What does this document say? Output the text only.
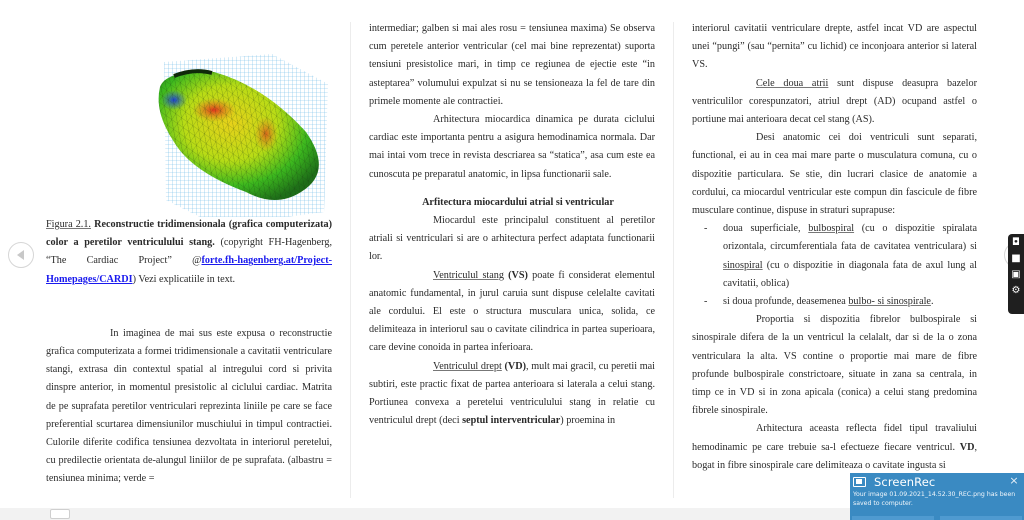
Figura 2.1. Reconstructie tridimensionala (grafica computerizata) color a peretilor ventriculului stang. (copyright FH-Hagenberg, “The Cardiac Project” @forte.fh-hagenberg.at/Project-Homepages/CARDI) Vezi explicatiile in text.

In imaginea de mai sus este expusa o reconstructie grafica computerizata a formei tridimensionale a cavitatii ventriculare stangi, extrasa din contextul spatial al intregului cord si privita dinspre anterior, in momentul presistolic al ciclului cardiac. Matrita de pe suprafata peretilor ventriculari reprezinta liniile pe care se face preferential scurtarea dimensiunilor muschiului in timpul contractiei. Culorile diferite codifica tensiunea dezvoltata in interiorul peretelui, cu predilectie orientata de-alungul liniilor de pe suprafata. (albastru = tensiunea minima; verde =

intermediar; galben si mai ales rosu = tensiunea maxima) Se observa cum peretele anterior ventricular (cel mai bine reprezentat) suporta tensiuni presistolice mari, in timp ce regiunea de ejectie este “in asteptarea” volumului expulzat si nu se tensioneaza la fel de tare din primele momente ale contractiei.

Arhitectura miocardica dinamica pe durata ciclului cardiac este importanta pentru a asigura hemodinamica normala. Dar mai intai vom trece in revista descriarea sa “statica”, asa cum este ea cunoscuta pe preparatul anatomic, in lipsa functionarii sale.

Arfitectura miocardului atrial si ventricular

Miocardul este principalul constituent al peretilor atriali si ventriculari si are o arhitectura perfect adaptata functionarii lor.

Ventriculul stang (VS) poate fi considerat elementul anatomic fundamental, in jurul caruia sunt dispuse celelalte cavitati ale cordului. El este o structura musculara unica, solida, ce delimiteaza in interiorul sau o cavitate cilindrica in partea superioara, care devine conoida in partea inferioara.

Ventriculul drept (VD), mult mai gracil, cu peretii mai subtiri, este practic fixat de partea anterioara si laterala a celui stang. Portiunea convexa a peretelui ventriculului stang in relatie cu ventriculul drept (deci septul interventricular) proemina in

interiorul cavitatii ventriculare drepte, astfel incat VD are aspectul unei “pungi” (sau “pernita” cu lichid) ce inconjoara anterior si lateral VS.

Cele doua atrii sunt dispuse deasupra bazelor ventriculilor corespunzatori, atriul drept (AD) ocupand astfel o portiune mai anterioara decat cel stang (AS).

Desi anatomic cei doi ventriculi sunt separati, functional, ei au in cea mai mare parte o musculatura comuna, cu o dispozitie particulara. Se stie, din lucrari clasice de anatomie a cordului, ca miocardul ventricular este compun din fascicule de fibre musculare continue, dispuse in straturi suprapuse:

- doua superficiale, bulbospiral (cu o dispozitie spiralata orizontala, circumferentiala fata de cavitatea ventriculara) si sinospiral (cu o dispozitie in diagonala fata de axul lung al cavitatii, oblica)
- si doua profunde, deasemenea bulbo- si sinospirale.

Proportia si dispozitia fibrelor bulbospirale si sinospirale difera de la un ventricul la celalalt, dar si de la o zona ventriculara la alta. VS contine o proportie mai mare de fibre profunde bulbospirale constrictoare, situate in zana sa centrala, in timp ce in VD si in zona apicala (conica) a celui stang predomina fibrele sinospirale.

Arhitectura aceasta reflecta fidel tipul travaliului hemodinamic pe care trebuie sa-l efectueze fiecare ventricul. VD, bogat in fibre sinospirale care delimiteaza o cavitate ingusta si

◘
■
▣
⚙
ScreenRec	×
Your image 01.09.2021_14.52.30_REC.png has been saved to computer.
